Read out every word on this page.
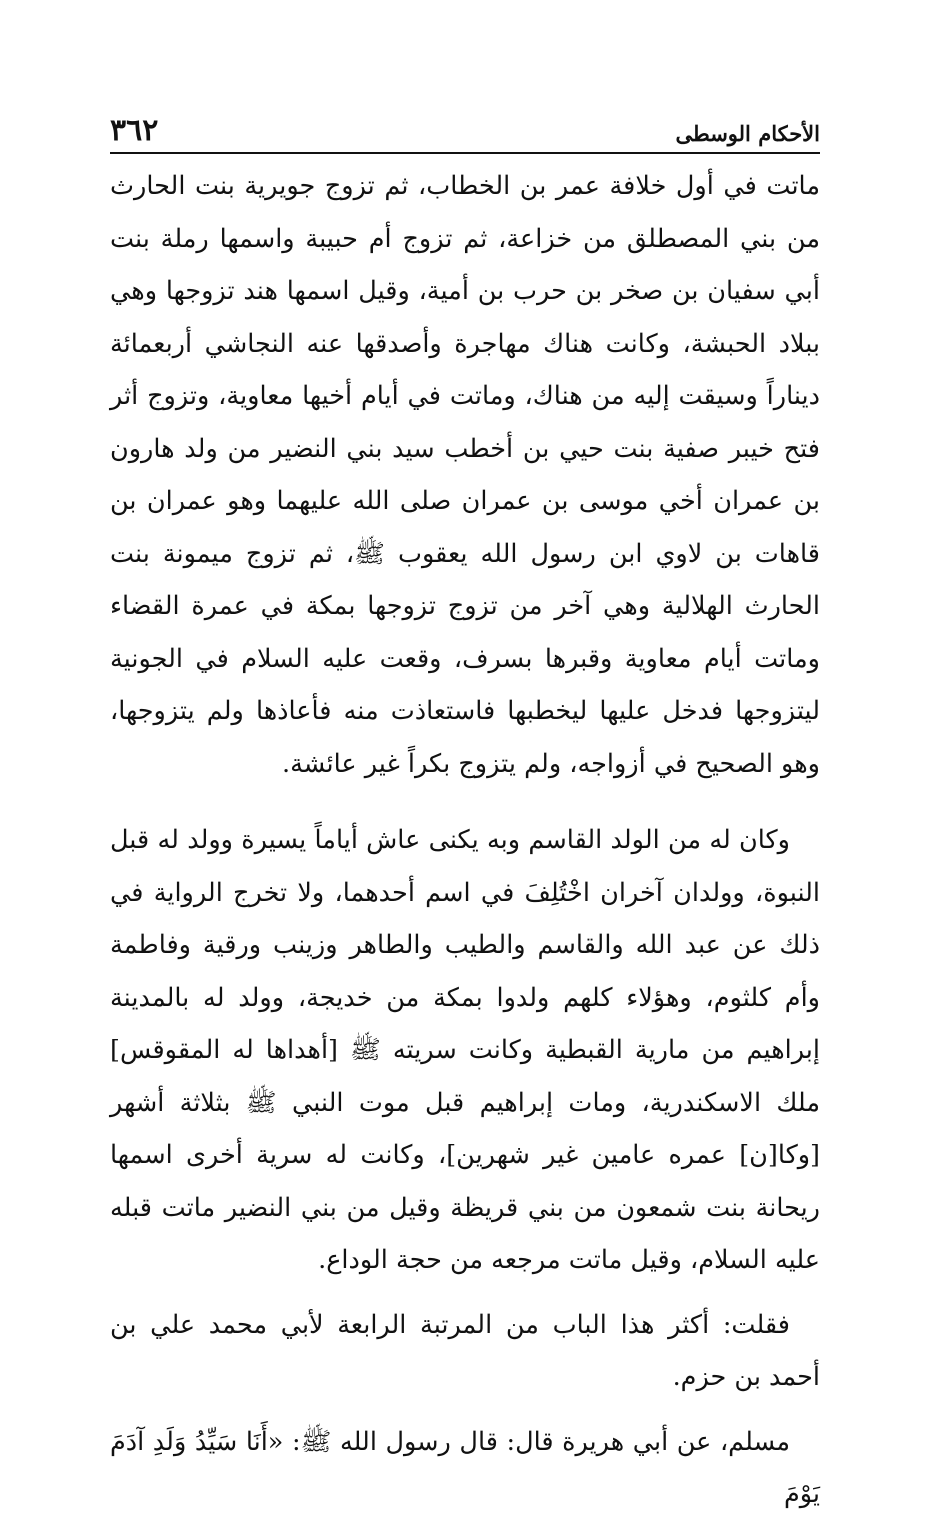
٣٦٢	الأحكام الوسطى

ماتت في أول خلافة عمر بن الخطاب، ثم تزوج جويرية بنت الحارث من بني المصطلق من خزاعة، ثم تزوج أم حبيبة واسمها رملة بنت أبي سفيان بن صخر بن حرب بن أمية، وقيل اسمها هند تزوجها وهي ببلاد الحبشة، وكانت هناك مهاجرة وأصدقها عنه النجاشي أربعمائة ديناراً وسيقت إليه من هناك، وماتت في أيام أخيها معاوية، وتزوج أثر فتح خيبر صفية بنت حيي بن أخطب سيد بني النضير من ولد هارون بن عمران أخي موسى بن عمران صلى الله عليهما وهو عمران بن قاهات بن لاوي ابن رسول الله يعقوب ﷺ، ثم تزوج ميمونة بنت الحارث الهلالية وهي آخر من تزوج تزوجها بمكة في عمرة القضاء وماتت أيام معاوية وقبرها بسرف، وقعت عليه السلام في الجونية ليتزوجها فدخل عليها ليخطبها فاستعاذت منه فأعاذها ولم يتزوجها، وهو الصحيح في أزواجه، ولم يتزوج بكراً غير عائشة.

وكان له من الولد القاسم وبه يكنى عاش أياماً يسيرة وولد له قبل النبوة، وولدان آخران اخْتُلِفَ في اسم أحدهما، ولا تخرج الرواية في ذلك عن عبد الله والقاسم والطيب والطاهر وزينب ورقية وفاطمة وأم كلثوم، وهؤلاء كلهم ولدوا بمكة من خديجة، وولد له بالمدينة إبراهيم من مارية القبطية وكانت سريته ﷺ [أهداها له المقوقس] ملك الاسكندرية، ومات إبراهيم قبل موت النبي ﷺ بثلاثة أشهر [وكا[ن] عمره عامين غير شهرين]، وكانت له سرية أخرى اسمها ريحانة بنت شمعون من بني قريظة وقيل من بني النضير ماتت قبله عليه السلام، وقيل ماتت مرجعه من حجة الوداع.

فقلت: أكثر هذا الباب من المرتبة الرابعة لأبي محمد علي بن أحمد بن حزم.

مسلم، عن أبي هريرة قال: قال رسول الله ﷺ: «أَنَا سَيِّدُ وَلَدِ آدَمَ يَوْمَ
